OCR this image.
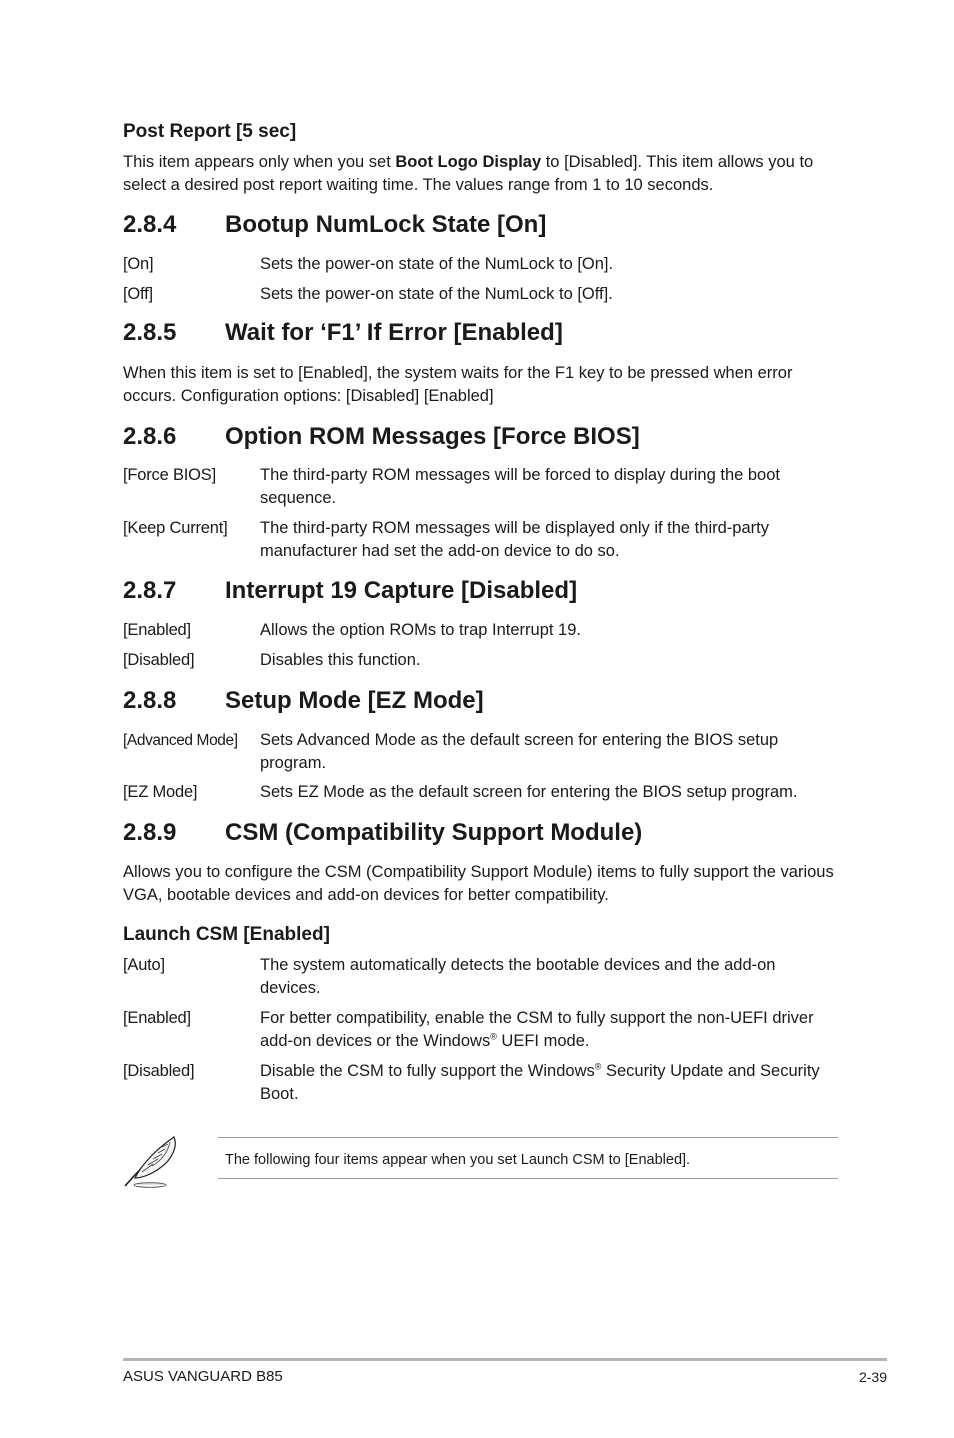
Post Report [5 sec]
This item appears only when you set Boot Logo Display to [Disabled]. This item allows you to select a desired post report waiting time. The values range from 1 to 10 seconds.
2.8.4 Bootup NumLock State [On]
[On]	Sets the power-on state of the NumLock to [On].
[Off]	Sets the power-on state of the NumLock to [Off].
2.8.5 Wait for ‘F1’ If Error [Enabled]
When this item is set to [Enabled], the system waits for the F1 key to be pressed when error occurs. Configuration options: [Disabled] [Enabled]
2.8.6 Option ROM Messages [Force BIOS]
[Force BIOS]	The third-party ROM messages will be forced to display during the boot sequence.
[Keep Current] The third-party ROM messages will be displayed only if the third-party manufacturer had set the add-on device to do so.
2.8.7 Interrupt 19 Capture [Disabled]
[Enabled]	Allows the option ROMs to trap Interrupt 19.
[Disabled]	Disables this function.
2.8.8 Setup Mode [EZ Mode]
[Advanced Mode] Sets Advanced Mode as the default screen for entering the BIOS setup program.
[EZ Mode]	Sets EZ Mode as the default screen for entering the BIOS setup program.
2.8.9 CSM (Compatibility Support Module)
Allows you to configure the CSM (Compatibility Support Module) items to fully support the various VGA, bootable devices and add-on devices for better compatibility.
Launch CSM [Enabled]
[Auto]	The system automatically detects the bootable devices and the add-on devices.
[Enabled]	For better compatibility, enable the CSM to fully support the non-UEFI driver add-on devices or the Windows® UEFI mode.
[Disabled]	Disable the CSM to fully support the Windows® Security Update and Security Boot.
The following four items appear when you set Launch CSM to [Enabled].
ASUS VANGUARD B85	2-39
